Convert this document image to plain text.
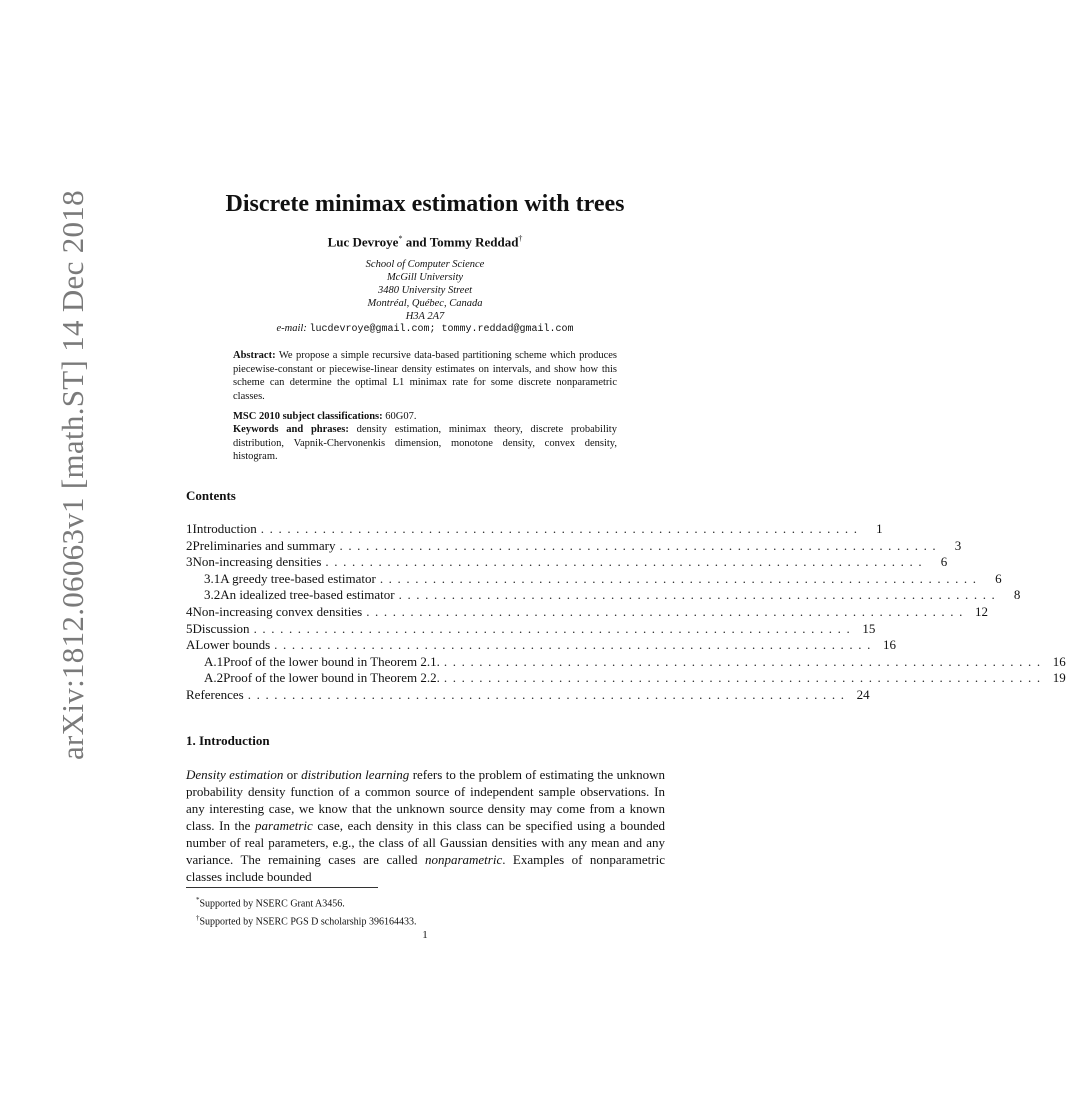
arXiv:1812.06063v1 [math.ST] 14 Dec 2018	Discrete minimax estimation with trees
Luc Devroye* and Tommy Reddad†
School of Computer Science
McGill University
3480 University Street
Montréal, Québec, Canada
H3A 2A7
e-mail: lucdevroye@gmail.com; tommy.reddad@gmail.com
Abstract: We propose a simple recursive data-based partitioning scheme which produces piecewise-constant or piecewise-linear density estimates on intervals, and show how this scheme can determine the optimal L1 minimax rate for some discrete nonparametric classes.
MSC 2010 subject classifications: 60G07.
Keywords and phrases: density estimation, minimax theory, discrete probability distribution, Vapnik-Chervonenkis dimension, monotone density, convex density, histogram.
Contents
1 Introduction ....................................................................	1
2 Preliminaries and summary ....................................................................	3
3 Non-increasing densities ....................................................................	6
3.1 A greedy tree-based estimator ....................................................................	6
3.2 An idealized tree-based estimator ....................................................................	8
4 Non-increasing convex densities .................................................................... 12
5 Discussion .................................................................... 15
A Lower bounds .................................................................... 16
A.1 Proof of the lower bound in Theorem 2.1. .................................................................... 16
A.2 Proof of the lower bound in Theorem 2.2. .................................................................... 19
References .................................................................... 24
1. Introduction
Density estimation or distribution learning refers to the problem of estimating the unknown probability density function of a common source of independent sample observations. In any interesting case, we know that the unknown source density may come from a known class. In the parametric case, each density in this class can be specified using a bounded number of real parameters, e.g., the class of all Gaussian densities with any mean and any variance. The remaining cases are called nonparametric. Examples of nonparametric classes include bounded
*Supported by NSERC Grant A3456.
†Supported by NSERC PGS D scholarship 396164433.
1
